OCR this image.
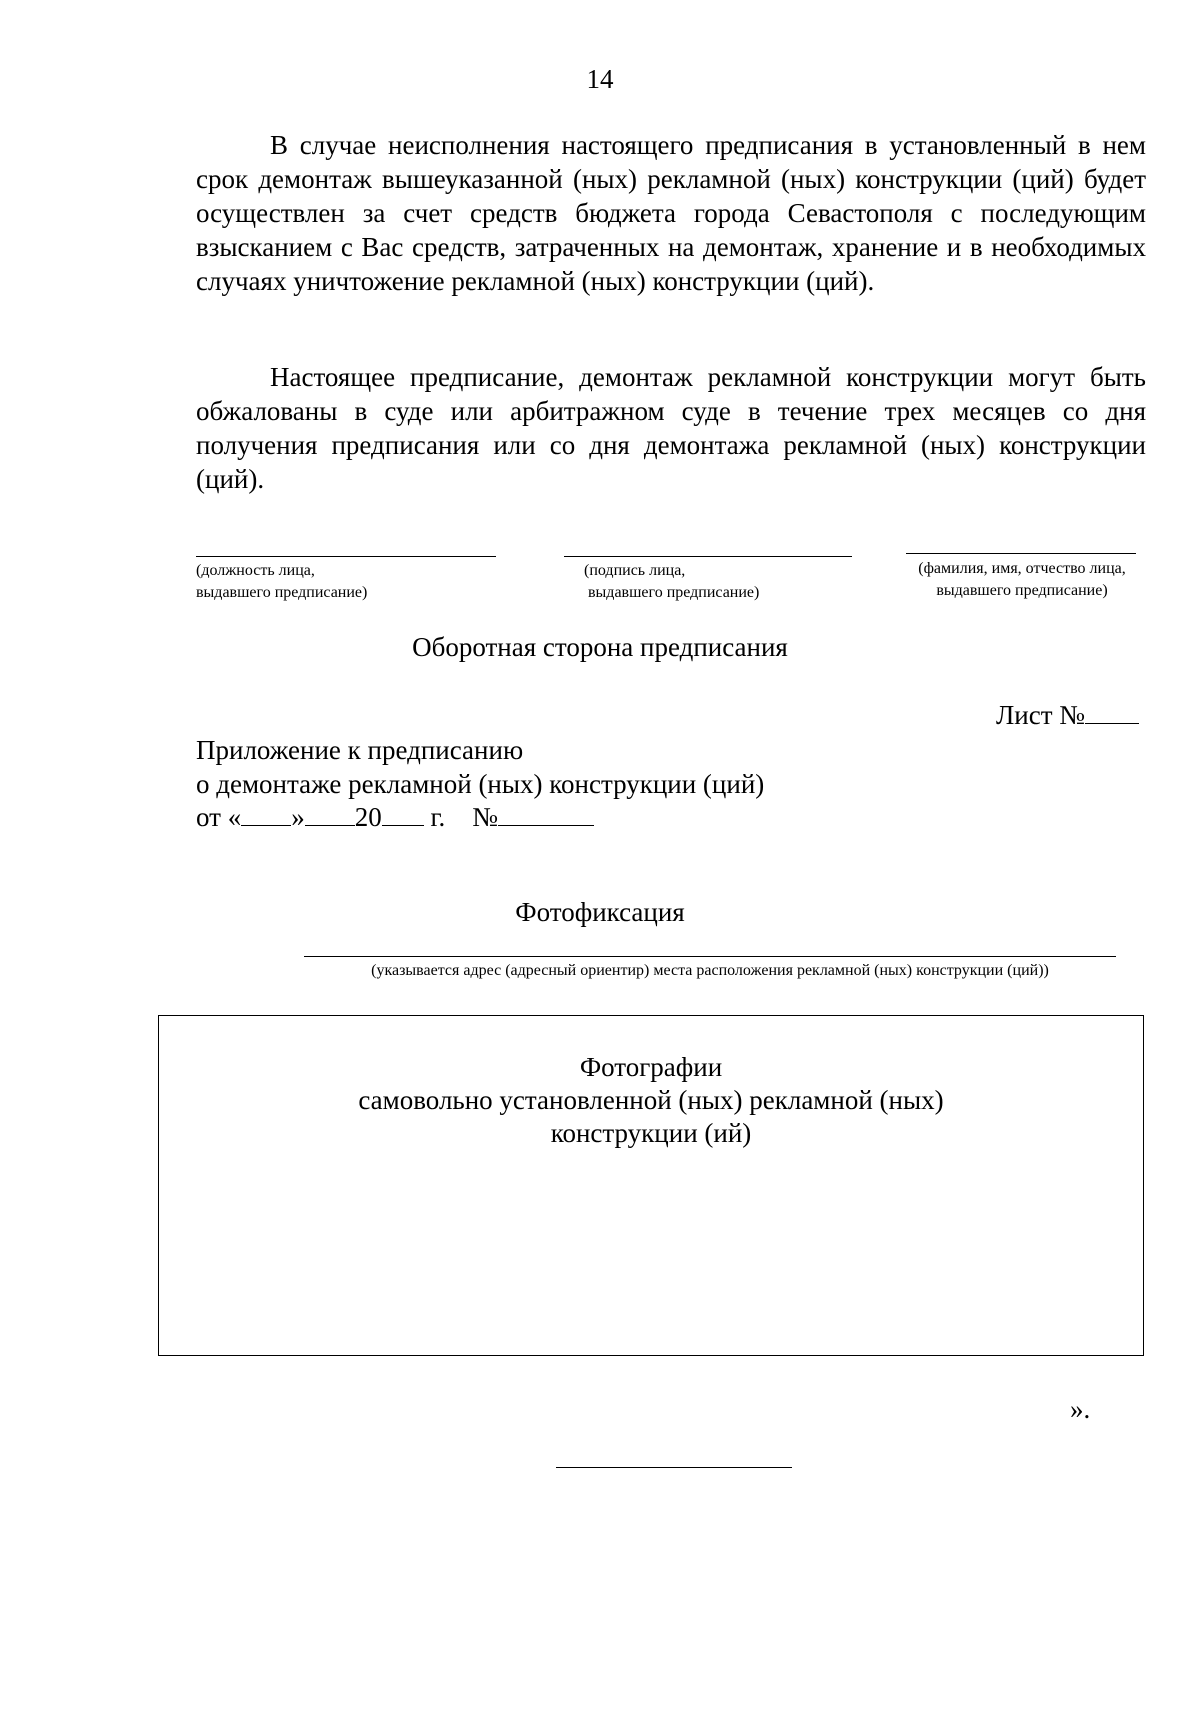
14

В случае неисполнения настоящего предписания в установленный в нем срок демонтаж вышеуказанной (ных) рекламной (ных) конструкции (ций) будет осуществлен за счет средств бюджета города Севастополя с последующим взысканием с Вас средств, затраченных на демонтаж, хранение и в необходимых случаях уничтожение рекламной (ных) конструкции (ций).

Настоящее предписание, демонтаж рекламной конструкции могут быть обжалованы в суде или арбитражном суде в течение трех месяцев со дня получения предписания или со дня демонтажа рекламной (ных) конструкции (ций).

(должность лица,
выдавшего предписание)
(подпись лица,
выдавшего предписание)
(фамилия, имя, отчество лица,
выдавшего предписание)
Оборотная сторона предписания
Лист №
Приложение к предписанию
о демонтаже рекламной (ных) конструкции (ций)
от « » 20 г. №
Фотофиксация
(указывается адрес (адресный ориентир) места расположения рекламной (ных) конструкции (ций))
Фотографии
самовольно установленной (ных) рекламной (ных)
конструкции (ий)
».
